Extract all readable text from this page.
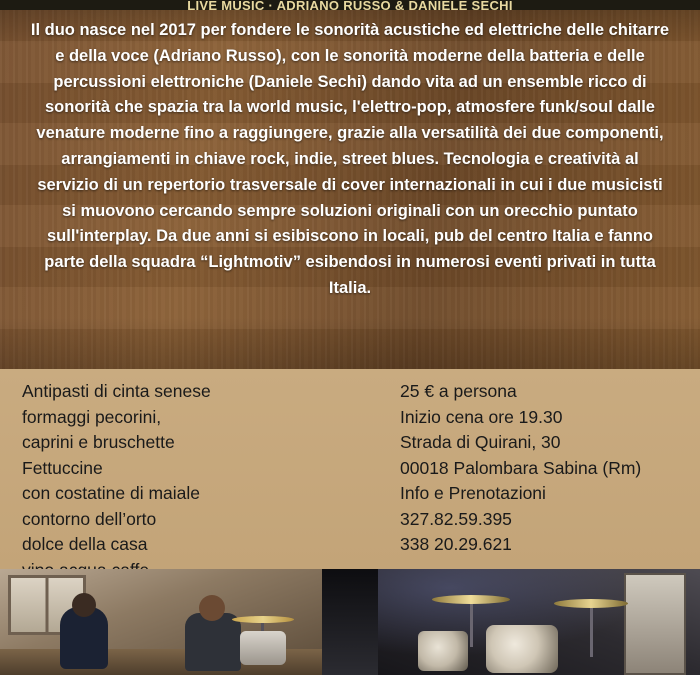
LIVE MUSIC · ADRIANO RUSSO & DANIELE SECHI
Il duo nasce nel 2017 per fondere le sonorità acustiche ed elettriche delle chitarre e della voce (Adriano Russo), con le sonorità moderne della batteria e delle percussioni elettroniche (Daniele Sechi) dando vita ad un ensemble ricco di sonorità che spazia tra la world music, l'elettro-pop, atmosfere funk/soul dalle venature moderne fino a raggiungere, grazie alla versatilità dei due componenti, arrangiamenti in chiave rock, indie, street blues. Tecnologia e creatività al servizio di un repertorio trasversale di cover internazionali in cui i due musicisti si muovono cercando sempre soluzioni originali con un orecchio puntato sull'interplay. Da due anni si esibiscono in locali, pub del centro Italia e fanno parte della squadra “Lightmotiv” esibendosi in numerosi eventi privati in tutta Italia.
Antipasti di cinta senese
formaggi pecorini,
caprini e bruschette
Fettuccine
con costatine di maiale
contorno dell’orto
dolce della casa
25 € a persona
Inizio cena ore 19.30
Strada di Quirani, 30
00018 Palombara Sabina (Rm)
Info e Prenotazioni
327.82.59.395
338 20.29.621
